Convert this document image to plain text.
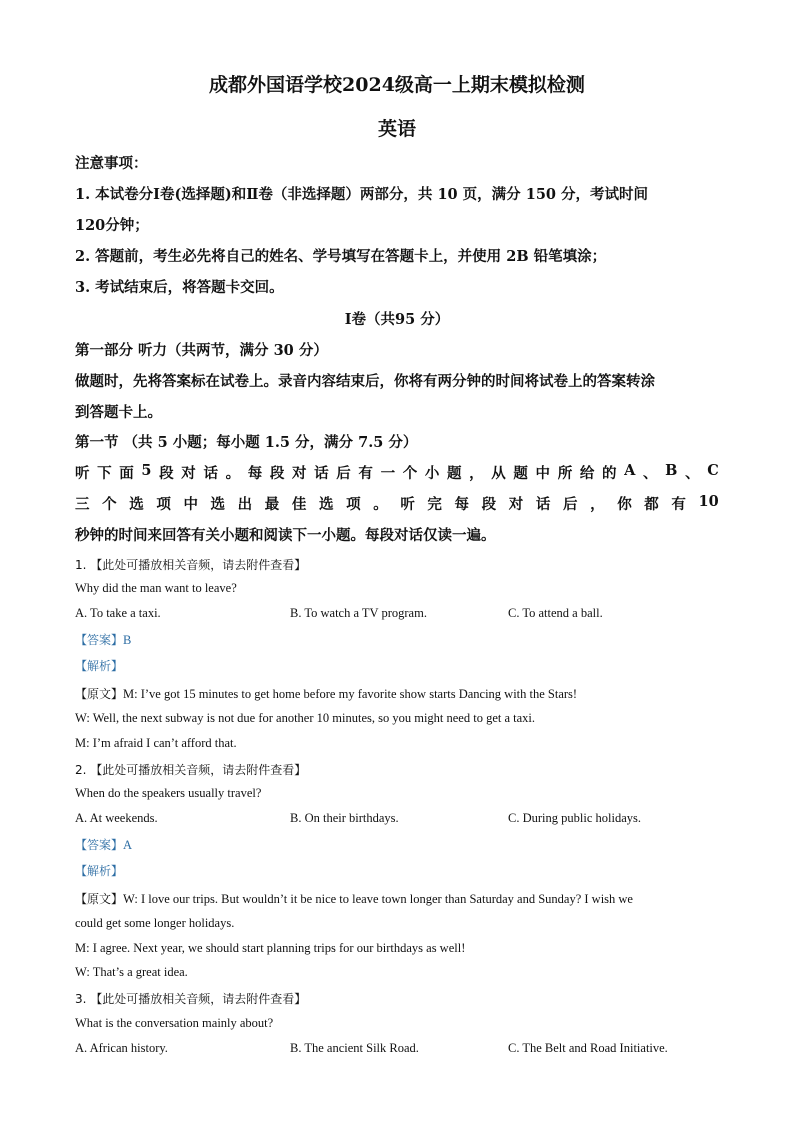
成都外国语学校2024级高一上期末模拟检测
英语
注意事项：
1. 本试卷分Ⅰ卷(选择题)和Ⅱ卷（非选择题）两部分，共 10 页，满分 150 分，考试时间
120分钟；
2. 答题前，考生必先将自己的姓名、学号填写在答题卡上，并使用 2B 铅笔填涂；
3. 考试结束后，将答题卡交回。
Ⅰ卷（共95 分）
第一部分 听力（共两节，满分 30 分）
做题时，先将答案标在试卷上。录音内容结束后，你将有两分钟的时间将试卷上的答案转涂
到答题卡上。
第一节 （共 5 小题；每小题 1.5 分，满分 7.5 分）
听 下 面 5 段 对 话 。 每 段 对 话 后 有 一 个 小 题 ， 从 题 中 所 给 的 A 、 B 、 C
三 个 选 项 中 选 出 最 佳 选 项 。 听 完 每 段 对 话 后 ， 你 都 有 10
秒钟的时间来回答有关小题和阅读下一小题。每段对话仅读一遍。
1. 【此处可播放相关音频，请去附件查看】
Why did the man want to leave?
A. To take a taxi.	B. To watch a TV program.	C. To attend a ball.
【答案】B
【解析】
【原文】M: I’ve got 15 minutes to get home before my favorite show starts Dancing with the Stars!
W: Well, the next subway is not due for another 10 minutes, so you might need to get a taxi.
M: I’m afraid I can’t afford that.
2. 【此处可播放相关音频，请去附件查看】
When do the speakers usually travel?
A. At weekends.	B. On their birthdays.	C. During public holidays.
【答案】A
【解析】
【原文】W: I love our trips. But wouldn’t it be nice to leave town longer than Saturday and Sunday? I wish we
could get some longer holidays.
M: I agree. Next year, we should start planning trips for our birthdays as well!
W: That’s a great idea.
3. 【此处可播放相关音频，请去附件查看】
What is the conversation mainly about?
A. African history.	B. The ancient Silk Road.	C. The Belt and Road Initiative.
